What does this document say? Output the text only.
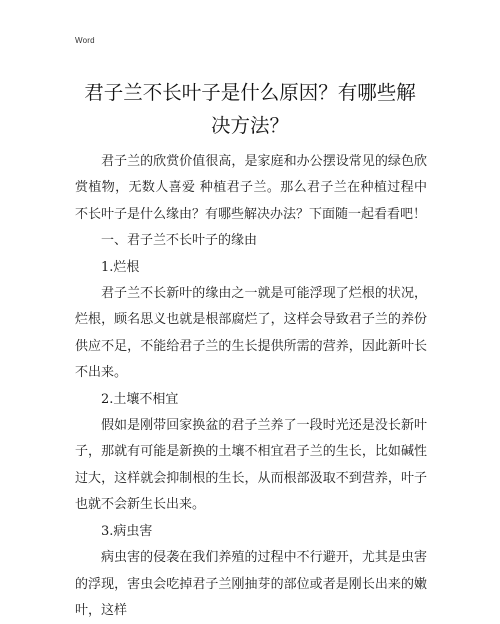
Word
君子兰不长叶子是什么原因？有哪些解决方法？

君子兰的欣赏价值很高，是家庭和办公摆设常见的绿色欣赏植物，无数人喜爱 种植君子兰。那么君子兰在种植过程中不长叶子是什么缘由？有哪些解决办法？下面随一起看看吧！

一、君子兰不长叶子的缘由

1.烂根

君子兰不长新叶的缘由之一就是可能浮现了烂根的状况，烂根，顾名思义也就是根部腐烂了，这样会导致君子兰的养份供应不足，不能给君子兰的生长提供所需的营养，因此新叶长不出来。

2.土壤不相宜

假如是刚带回家换盆的君子兰养了一段时光还是没长新叶子，那就有可能是新换的土壤不相宜君子兰的生长，比如碱性过大，这样就会抑制根的生长，从而根部汲取不到营养，叶子也就不会新生长出来。

3.病虫害

病虫害的侵袭在我们养殖的过程中不行避开，尤其是虫害的浮现，害虫会吃掉君子兰刚抽芽的部位或者是刚长出来的嫩叶，这样
